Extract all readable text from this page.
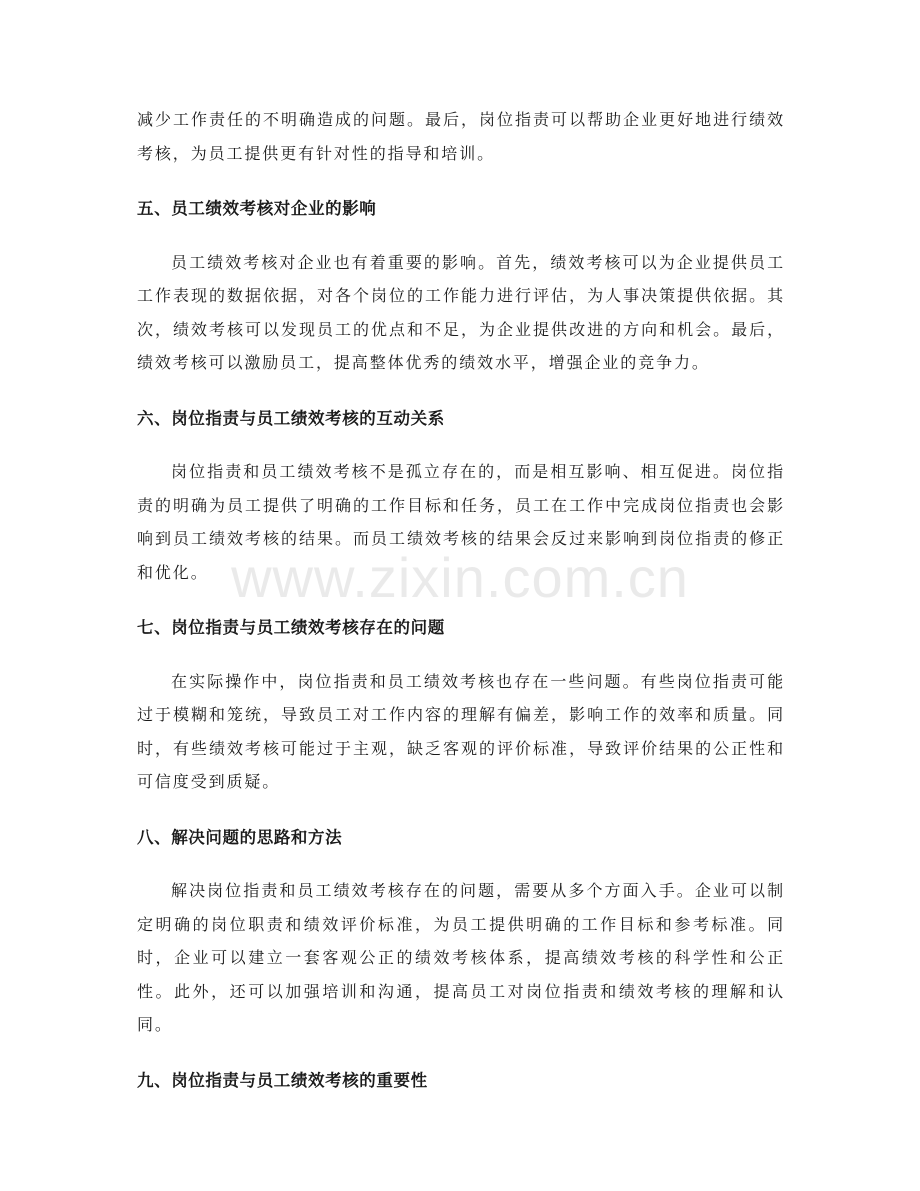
减少工作责任的不明确造成的问题。最后，岗位指责可以帮助企业更好地进行绩效考核，为员工提供更有针对性的指导和培训。

五、员工绩效考核对企业的影响

员工绩效考核对企业也有着重要的影响。首先，绩效考核可以为企业提供员工工作表现的数据依据，对各个岗位的工作能力进行评估，为人事决策提供依据。其次，绩效考核可以发现员工的优点和不足，为企业提供改进的方向和机会。最后，绩效考核可以激励员工，提高整体优秀的绩效水平，增强企业的竞争力。

六、岗位指责与员工绩效考核的互动关系

岗位指责和员工绩效考核不是孤立存在的，而是相互影响、相互促进。岗位指责的明确为员工提供了明确的工作目标和任务，员工在工作中完成岗位指责也会影响到员工绩效考核的结果。而员工绩效考核的结果会反过来影响到岗位指责的修正和优化。

七、岗位指责与员工绩效考核存在的问题

在实际操作中，岗位指责和员工绩效考核也存在一些问题。有些岗位指责可能过于模糊和笼统，导致员工对工作内容的理解有偏差，影响工作的效率和质量。同时，有些绩效考核可能过于主观，缺乏客观的评价标准，导致评价结果的公正性和可信度受到质疑。

八、解决问题的思路和方法

解决岗位指责和员工绩效考核存在的问题，需要从多个方面入手。企业可以制定明确的岗位职责和绩效评价标准，为员工提供明确的工作目标和参考标准。同时，企业可以建立一套客观公正的绩效考核体系，提高绩效考核的科学性和公正性。此外，还可以加强培训和沟通，提高员工对岗位指责和绩效考核的理解和认同。

九、岗位指责与员工绩效考核的重要性
www.zixin.com.cn
